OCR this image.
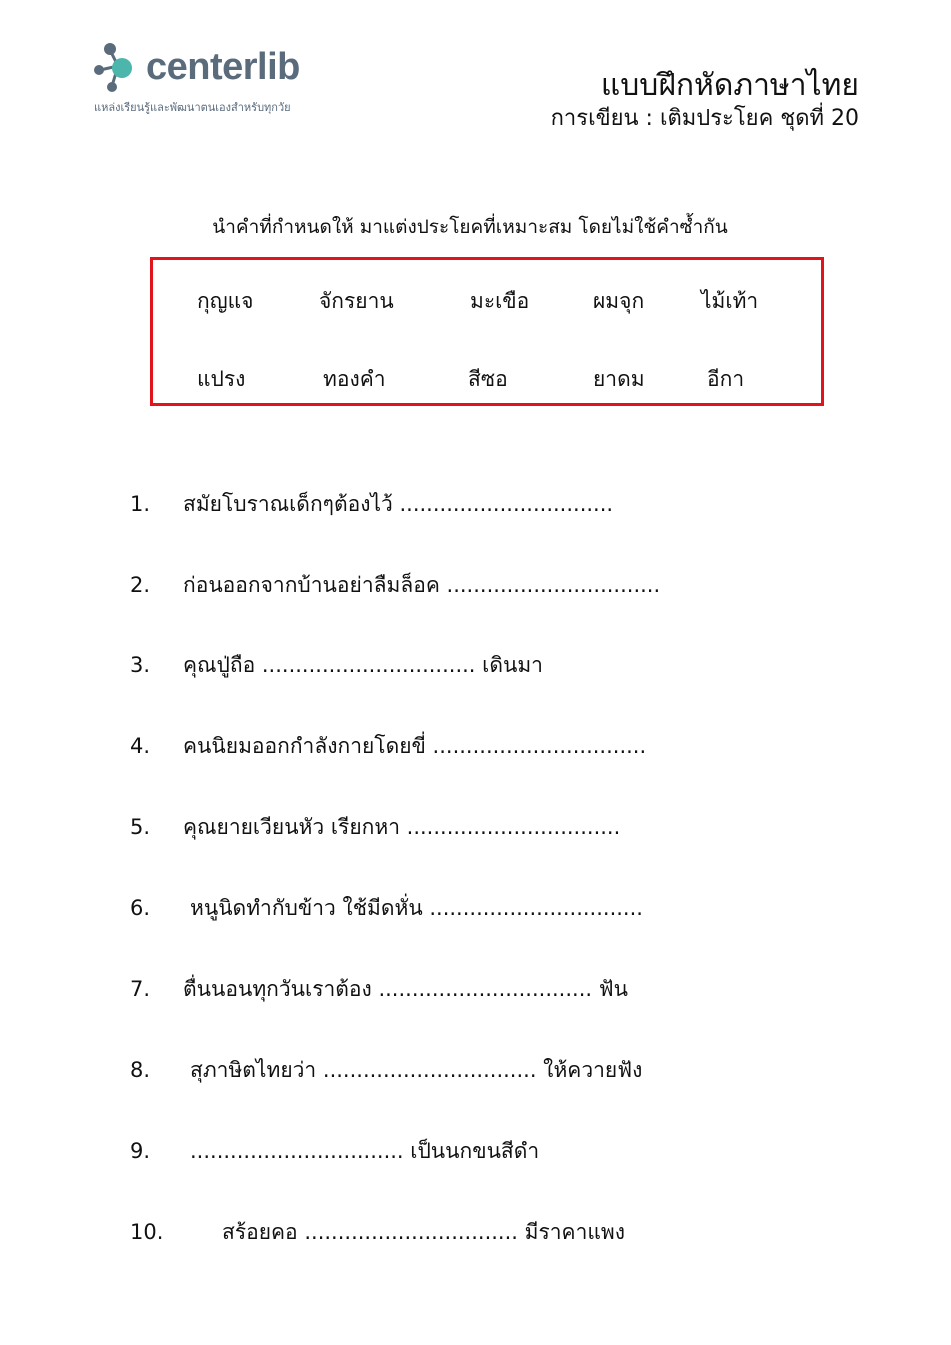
centerlib
แหล่งเรียนรู้และพัฒนาตนเองสำหรับทุกวัย
แบบฝึกหัดภาษาไทย
การเขียน : เติมประโยค ชุดที่ 20
นำคำที่กำหนดให้ มาแต่งประโยคที่เหมาะสม โดยไม่ใช้คำซ้ำกัน
กุญแจ	จักรยาน	มะเขือ	ผมจุก	ไม้เท้า
แปรง	ทองคำ	สีซอ	ยาดม	อีกา
1. สมัยโบราณเด็กๆต้องไว้ ................................
2. ก่อนออกจากบ้านอย่าลืมล็อค ................................
3. คุณปู่ถือ ................................ เดินมา
4. คนนิยมออกกำลังกายโดยขี่ ................................
5. คุณยายเวียนหัว เรียกหา ................................
6. หนูนิดทำกับข้าว ใช้มีดหั่น ................................
7. ตื่นนอนทุกวันเราต้อง ................................ ฟัน
8. สุภาษิตไทยว่า ................................ ให้ควายฟัง
9. ................................ เป็นนกขนสีดำ
10.	สร้อยคอ ................................ มีราคาแพง
